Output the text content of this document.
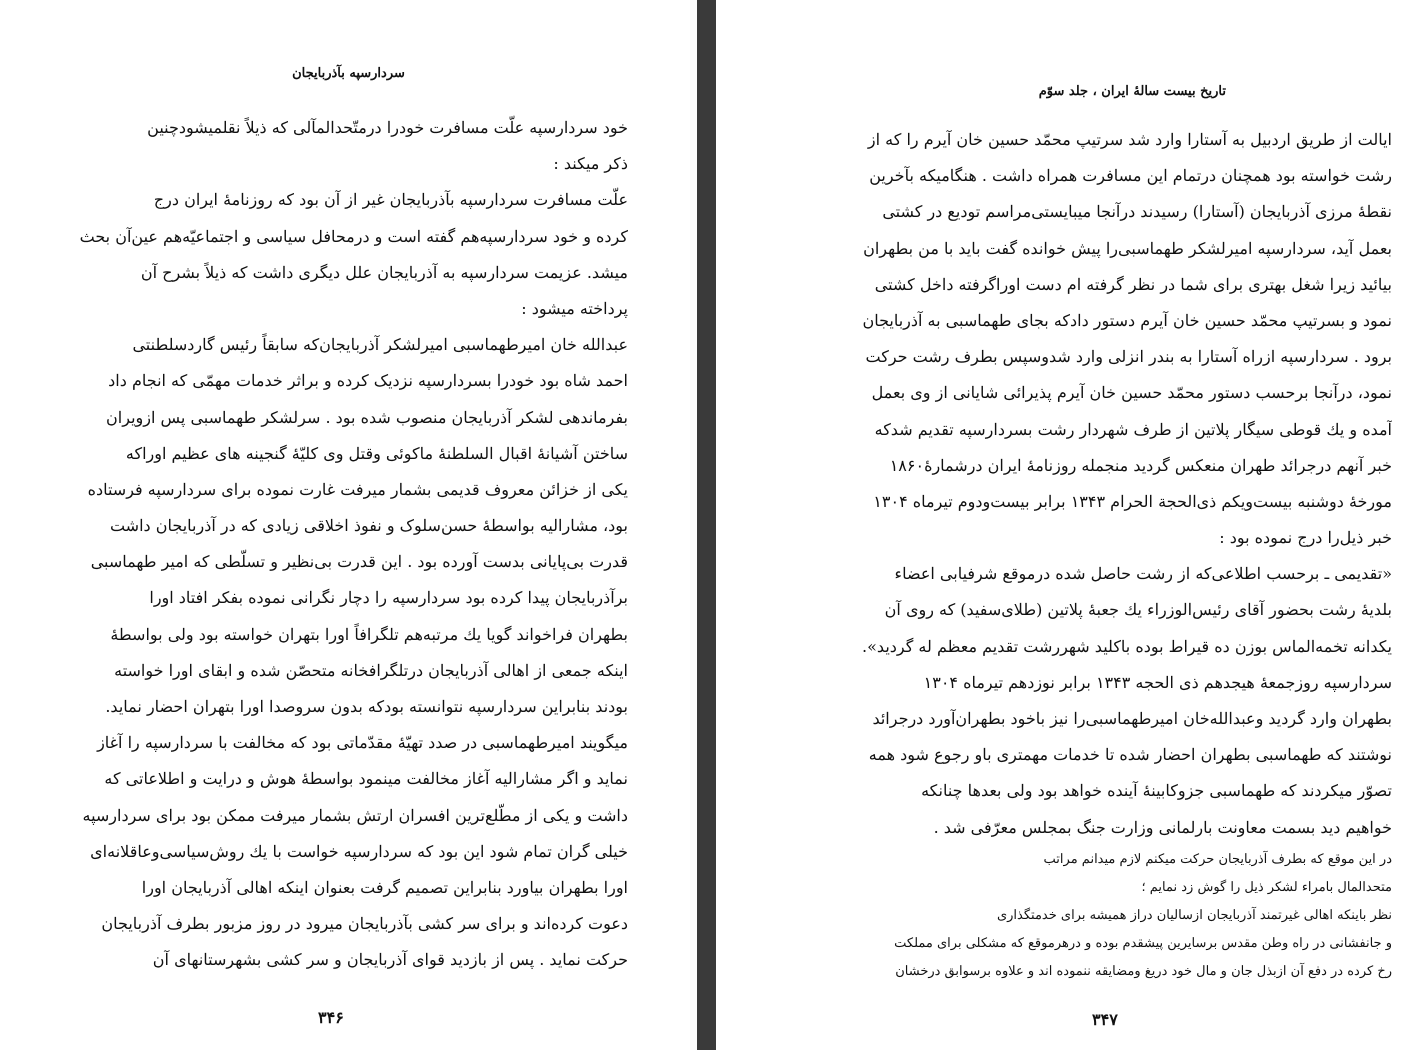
سردارسپه بآذربایجان
خود سردارسپه علّت مسافرت خودرا درمتّحدالمآلی که ذیلاً نقلمیشودچنین
ذکر میکند :
علّت مسافرت سردارسپه بآذربایجان غیر از آن بود که روزنامهٔ ایران درج
کرده و خود سردارسپه‌هم گفته است و درمحافل سیاسی و اجتماعیّه‌هم عین‌آن بحث
میشد. عزیمت سردارسپه به آذربایجان علل دیگری داشت که ذیلاً بشرح آن
پرداخته میشود :
عبدالله خان امیرطهماسبی امیرلشکر آذربایجان‌که سابقاً رئیس گاردسلطنتی
احمد شاه بود خودرا بسردارسپه نزدیک کرده و براثر خدمات مهمّی که انجام داد
بفرماندهی لشکر آذربایجان منصوب شده بود . سرلشکر طهماسبی پس ازویران
ساختن آشیانهٔ اقبال السلطنهٔ ماکوئی وقتل وی کلیّهٔ گنجینه های عظیم اوراکه
یکی از خزائن معروف قدیمی بشمار میرفت غارت نموده برای سردارسپه فرستاده
بود، مشارالیه بواسطهٔ حسن‌سلوک و نفوذ اخلاقی زیادی که در آذربایجان داشت
قدرت بی‌پایانی بدست آورده بود . این قدرت بی‌نظیر و تسلّطی که امیر طهماسبی
برآذربایجان پیدا کرده بود سردارسپه را دچار نگرانی نموده بفکر افتاد اورا
بطهران فراخواند گویا یك مرتبه‌هم تلگرافاً اورا بتهران خواسته بود ولی بواسطهٔ
اینکه جمعی از اهالی آذربایجان درتلگرافخانه متحصّن شده و ابقای اورا خواسته
بودند بنابراین سردارسپه نتوانسته بودکه بدون سروصدا اورا بتهران احضار نماید.
میگویند امیرطهماسبی در صدد تهیّهٔ مقدّماتی بود که مخالفت با سردارسپه را آغاز
نماید و اگر مشارالیه آغاز مخالفت مینمود بواسطهٔ هوش و درایت و اطلاعاتی که
داشت و یکی از مطّلع‌ترین افسران ارتش بشمار میرفت ممکن بود برای سردارسپه
خیلی گران تمام شود این بود که سردارسپه خواست با یك روش‌سیاسی‌وعاقلانه‌ای
اورا بطهران بیاورد بنابراین تصمیم گرفت بعنوان اینکه اهالی آذربایجان اورا
دعوت کرده‌اند و برای سر کشی بآذربایجان میرود در روز مزبور بطرف آذربایجان
حرکت نماید . پس از بازدید قوای آذربایجان و سر کشی بشهرستانهای آن
۳۴۶
تاریخ بیست سالهٔ ایران ، جلد سوّم
ایالت از طریق اردبیل به آستارا وارد شد سرتیپ محمّد حسین خان آیرم را که از
رشت خواسته بود همچنان درتمام این مسافرت همراه داشت . هنگامیکه بآخرین
نقطهٔ مرزی آذربایجان (آستارا) رسیدند درآنجا میبایستی‌مراسم تودیع در کشتی
بعمل آید، سردارسپه امیرلشکر طهماسبی‌را پیش خوانده گفت باید با من بطهران
بیائید زیرا شغل بهتری برای شما در نظر گرفته ام دست اوراگرفته داخل کشتی
نمود و بسرتیپ محمّد حسین خان آیرم دستور دادکه بجای طهماسبی به آذربایجان
برود . سردارسپه ازراه آستارا به بندر انزلی وارد شدوسپس بطرف رشت حرکت
نمود، درآنجا برحسب دستور محمّد حسین خان آیرم پذیرائی شایانی از وی بعمل
آمده و یك قوطی سیگار پلاتین از طرف شهردار رشت بسردارسپه تقدیم شدکه
خبر آنهم درجرائد طهران منعکس گردید منجمله روزنامهٔ ایران درشمارهٔ۱۸۶۰
مورخهٔ دوشنبه بیست‌ویکم ذی‌الحجة الحرام ۱۳۴۳ برابر بیست‌ودوم تیرماه ۱۳۰۴
خبر ذیل‌را درج نموده بود :
«تقدیمی ـ برحسب اطلاعی‌که از رشت حاصل شده درموقع شرفیابی اعضاء
بلدیهٔ رشت بحضور آقای رئیس‌الوزراء یك جعبهٔ پلاتین (طلای‌سفید) که روی آن
یکدانه تخمه‌الماس بوزن ده قیراط بوده باکلید شهررشت تقدیم معظم له گردید».
سردارسپه روزجمعهٔ هیجدهم ذی الحجه ۱۳۴۳ برابر نوزدهم تیرماه ۱۳۰۴
بطهران وارد گردید وعبدالله‌خان امیرطهماسبی‌را نیز باخود بطهران‌آورد درجرائد
نوشتند که طهماسبی بطهران احضار شده تا خدمات مهمتری باو رجوع شود همه
تصوّر میکردند که طهماسبی جزوکابینهٔ آینده خواهد بود ولی بعدها چنانکه
خواهیم دید بسمت معاونت بارلمانی وزارت جنگ بمجلس معرّفی شد .
در این موقع که بطرف آذربایجان حرکت میکنم لازم میدانم مراتب
متحدالمال بامراء لشکر ذیل را گوش زد نمایم ؛
نظر باینکه اهالی غیرتمند آذربایجان ازسالیان دراز همیشه برای خدمتگذاری
و جانفشانی در راه وطن مقدس برسایرین پیشقدم بوده و درهرموقع که مشکلی برای مملکت
رخ کرده در دفع آن ازبذل جان و مال خود دریغ ومضایقه ننموده اند و علاوه برسوابق درخشان
۳۴۷
